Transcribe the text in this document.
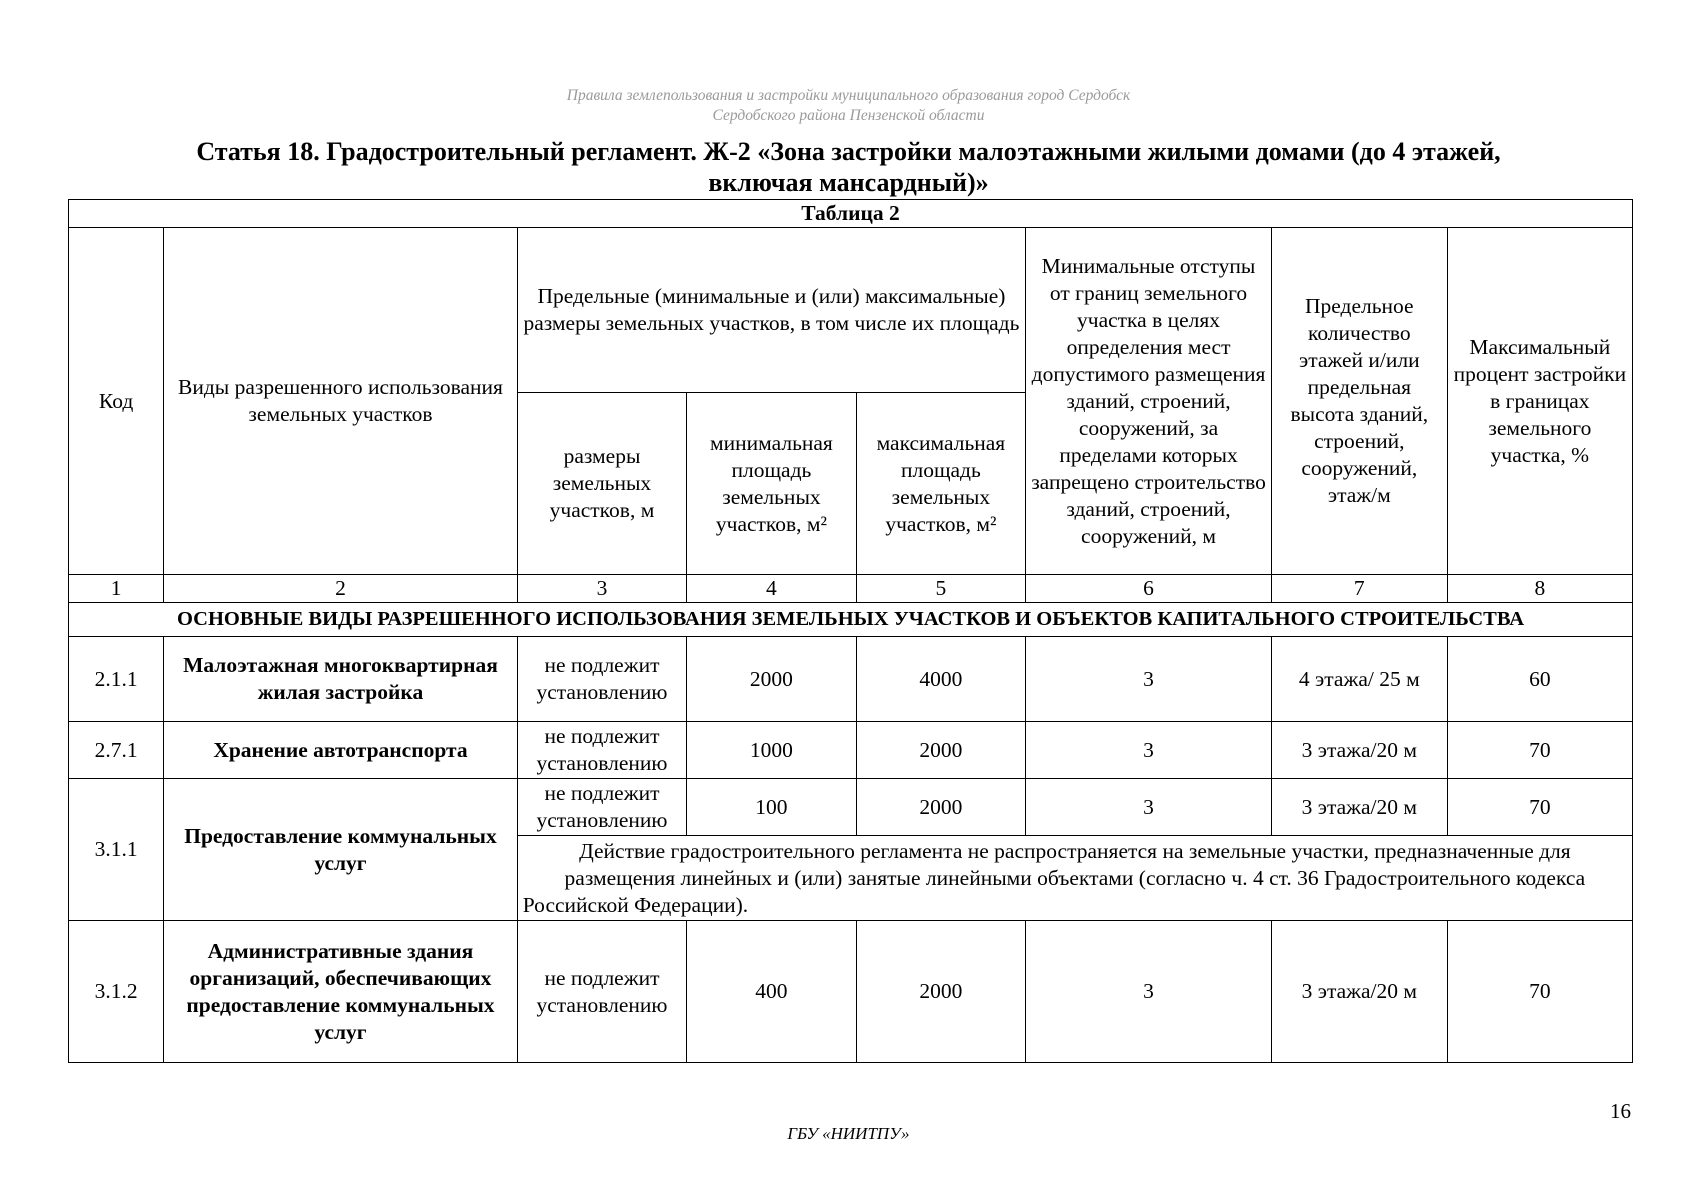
Правила землепользования и застройки муниципального образования город Сердобск
Сердобского района Пензенской области
Статья 18. Градостроительный регламент. Ж-2 «Зона застройки малоэтажными жилыми домами (до 4 этажей,
включая мансардный)»
Таблица 2							
Код	Виды разрешенного использования земельных участков	Предельные (минимальные и (или) максимальные) размеры земельных участков, в том числе их площадь			Минимальные отступы от границ земельного участка в целях определения мест допустимого размещения зданий, строений, сооружений, за пределами которых запрещено строительство зданий, строений, сооружений, м	Предельное количество этажей и/или предельная высота зданий, строений, сооружений, этаж/м	Максимальный процент застройки в границах земельного участка, %
		размеры земельных участков, м	минимальная площадь земельных участков, м²	максимальная площадь земельных участков, м²			
1	2	3	4	5	6	7	8
ОСНОВНЫЕ ВИДЫ РАЗРЕШЕННОГО ИСПОЛЬЗОВАНИЯ ЗЕМЕЛЬНЫХ УЧАСТКОВ И ОБЪЕКТОВ КАПИТАЛЬНОГО СТРОИТЕЛЬСТВА							
2.1.1	Малоэтажная многоквартирная жилая застройка	не подлежит установлению	2000	4000	3	4 этажа/ 25 м	60
2.7.1	Хранение автотранспорта	не подлежит установлению	1000	2000	3	3 этажа/20 м	70
3.1.1	Предоставление коммунальных услуг	не подлежит установлению	100	2000	3	3 этажа/20 м	70
		Действие градостроительного регламента не распространяется на земельные участки, предназначенные для размещения линейных и (или) занятые линейными объектами (согласно ч. 4 ст. 36 Градостроительного кодекса Российской Федерации).					
3.1.2	Административные здания организаций, обеспечивающих предоставление коммунальных услуг	не подлежит установлению	400	2000	3	3 этажа/20 м	70
16
ГБУ «НИИТПУ»
